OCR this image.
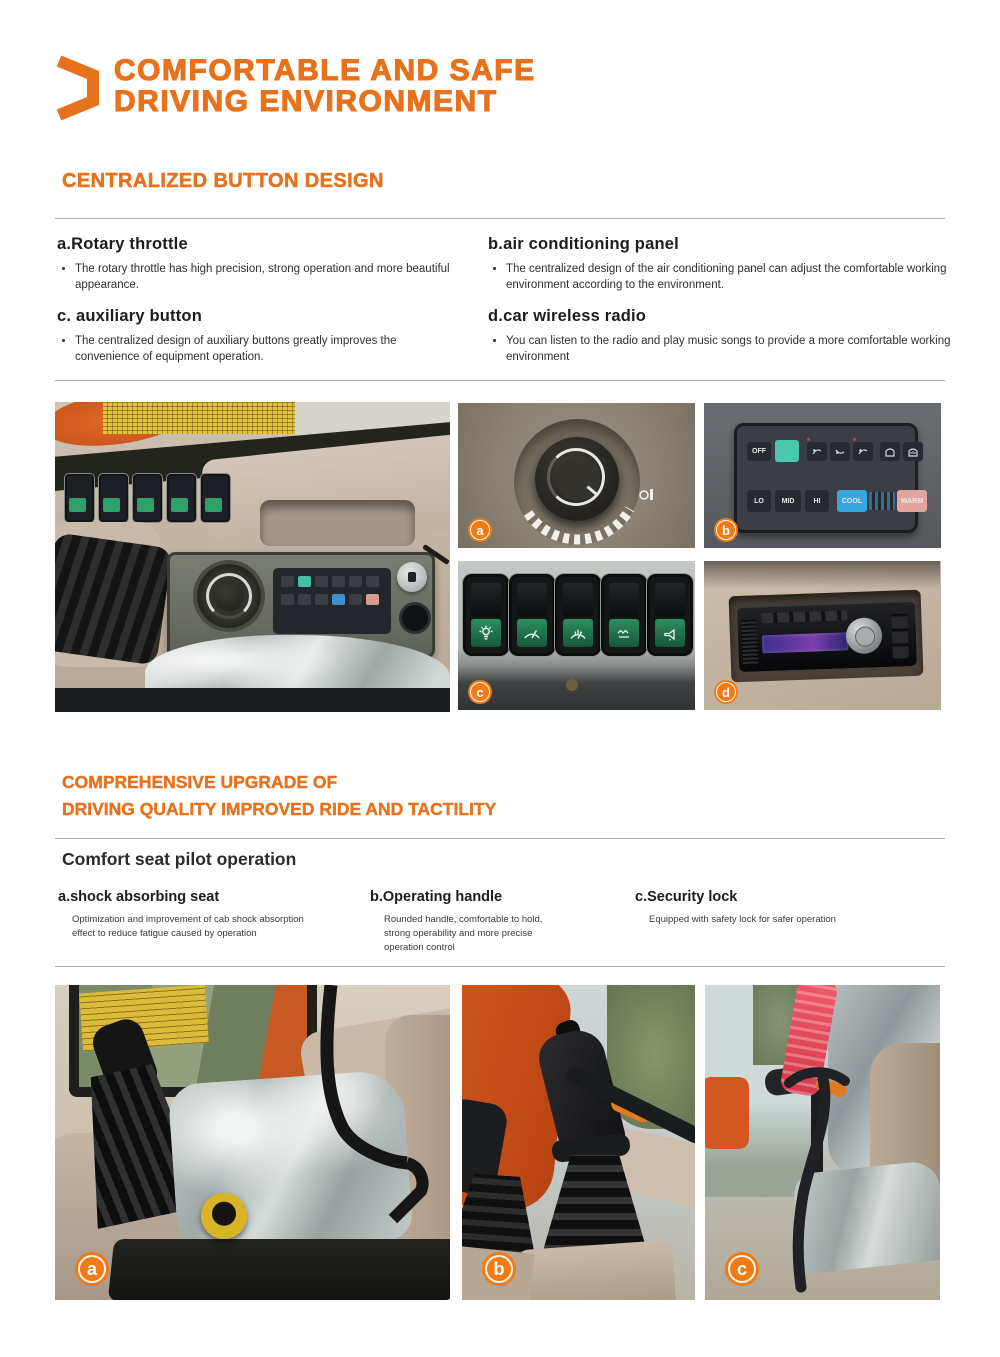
COMFORTABLE AND SAFE
DRIVING ENVIRONMENT
CENTRALIZED BUTTON DESIGN
a.Rotary throttle
• The rotary throttle has high precision, strong operation and more beautiful appearance.
b.air conditioning panel
• The centralized design of the air conditioning panel can adjust the comfortable working environment according to the environment.
c. auxiliary button
• The centralized design of auxiliary buttons greatly improves the convenience of equipment operation.
d.car wireless radio
• You can listen to the radio and play music songs to provide a more comfortable working environment

a
OFF
LO	MID	HI	COOL	WARM
b
c	d
COMPREHENSIVE UPGRADE OF
DRIVING QUALITY IMPROVED RIDE AND TACTILITY
Comfort seat pilot operation
a.shock absorbing seat

Optimization and improvement of cab shock absorption effect to reduce fatigue caused by operation

b.Operating handle

Rounded handle, comfortable to hold, strong operability and more precise operation control

c.Security lock

Equipped with safety lock for safer operation

a	b	c
